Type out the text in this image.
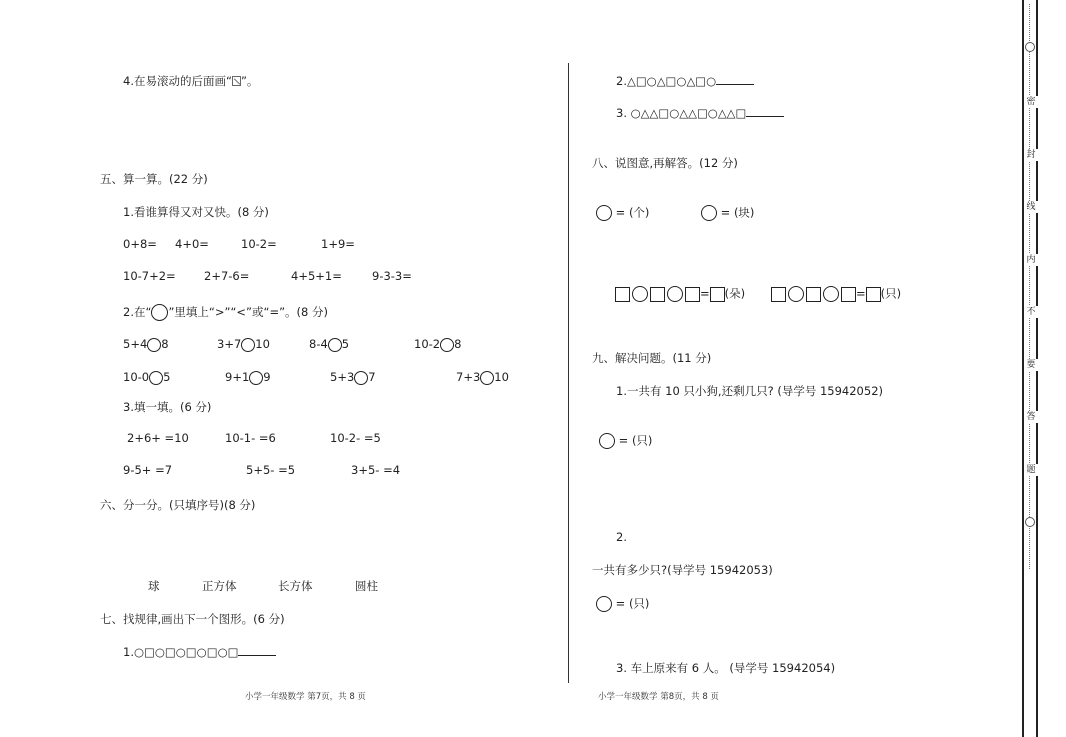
4.在易滚动的后面画“ ”。
五、算一算。(22 分)
1.看谁算得又对又快。(8 分)
0+8= 4+0=	10-2=	1+9=
10-7+2= 2+7-6=	4+5+1=	9-3-3=
2.在“ ”里填上“>”“<”或“=”。(8 分)
5+4 8	3+7 10	8-4 5	10-2 8
10-0 5	9+1 9	5+3 7	7+3 10
3.填一填。(6 分)
2+6+ =10	10-1- =6	10-2- =5
9-5+ =7	5+5- =5	3+5- =4
六、分一分。(只填序号)(8 分)
球	正方体	长方体	圆柱
七、找规律,画出下一个图形。(6 分)
1.○□○□○□○□○□
小学一年级数学 第7页，共 8 页
2.△□○△□○△□○
3. ○△△□○△△□○△△□
八、说图意,再解答。(12 分)
= (个)	= (块)
= (朵)	= (只)
九、解决问题。(11 分)
1.一共有 10 只小狗,还剩几只? (导学号 15942052)
= (只)
2.
一共有多少只?(导学号 15942053)
= (只)
3. 车上原来有 6 人。 (导学号 15942054)
小学一年级数学 第8页，共 8 页
密
封
线
内
不
要
答
题
